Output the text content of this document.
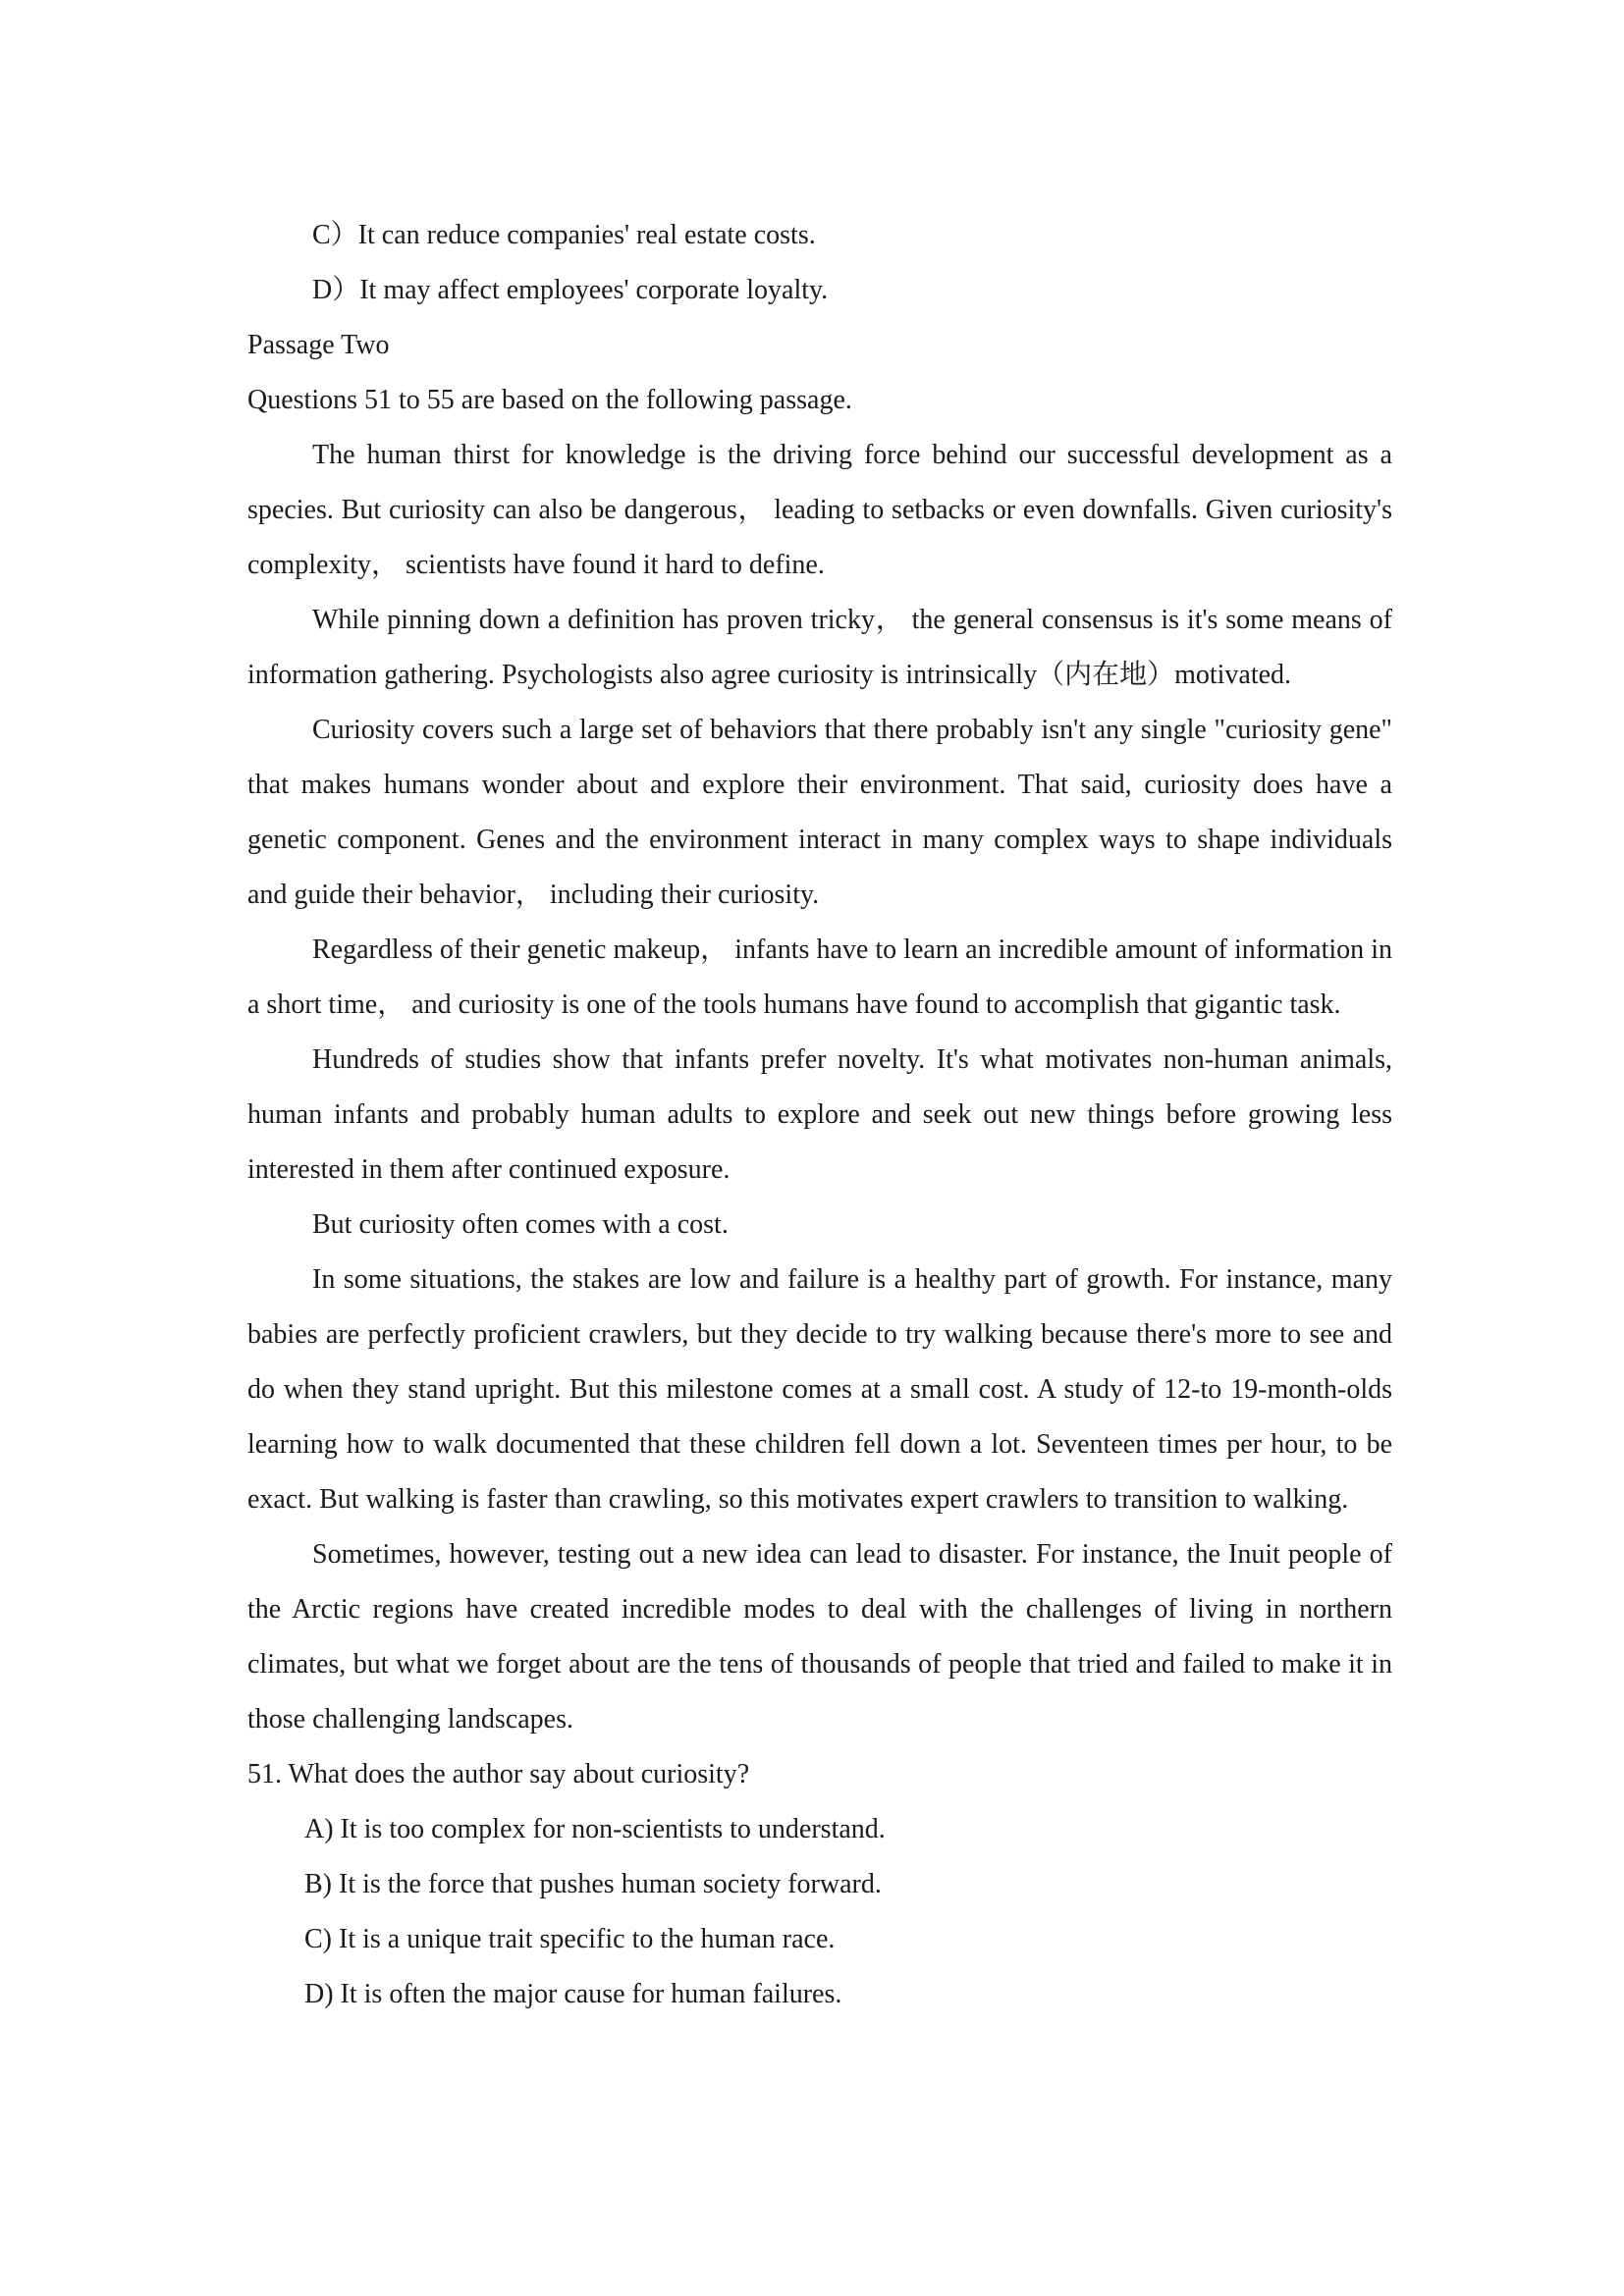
C）It can reduce companies' real estate costs.

D）It may affect employees' corporate loyalty.

Passage Two

Questions 51 to 55 are based on the following passage.

The human thirst for knowledge is the driving force behind our successful development as a species. But curiosity can also be dangerous， leading to setbacks or even downfalls. Given curiosity's complexity， scientists have found it hard to define.

While pinning down a definition has proven tricky， the general consensus is it's some means of information gathering. Psychologists also agree curiosity is intrinsically（内在地）motivated.

Curiosity covers such a large set of behaviors that there probably isn't any single "curiosity gene" that makes humans wonder about and explore their environment. That said, curiosity does have a genetic component. Genes and the environment interact in many complex ways to shape individuals and guide their behavior， including their curiosity.

Regardless of their genetic makeup， infants have to learn an incredible amount of information in a short time， and curiosity is one of the tools humans have found to accomplish that gigantic task.

Hundreds of studies show that infants prefer novelty. It's what motivates non-human animals, human infants and probably human adults to explore and seek out new things before growing less interested in them after continued exposure.

But curiosity often comes with a cost.

In some situations, the stakes are low and failure is a healthy part of growth. For instance, many babies are perfectly proficient crawlers, but they decide to try walking because there's more to see and do when they stand upright. But this milestone comes at a small cost. A study of 12-to 19-month-olds learning how to walk documented that these children fell down a lot. Seventeen times per hour, to be exact. But walking is faster than crawling, so this motivates expert crawlers to transition to walking.

Sometimes, however, testing out a new idea can lead to disaster. For instance, the Inuit people of the Arctic regions have created incredible modes to deal with the challenges of living in northern climates, but what we forget about are the tens of thousands of people that tried and failed to make it in those challenging landscapes.

51. What does the author say about curiosity?

A) It is too complex for non-scientists to understand.

B) It is the force that pushes human society forward.

C) It is a unique trait specific to the human race.

D) It is often the major cause for human failures.
